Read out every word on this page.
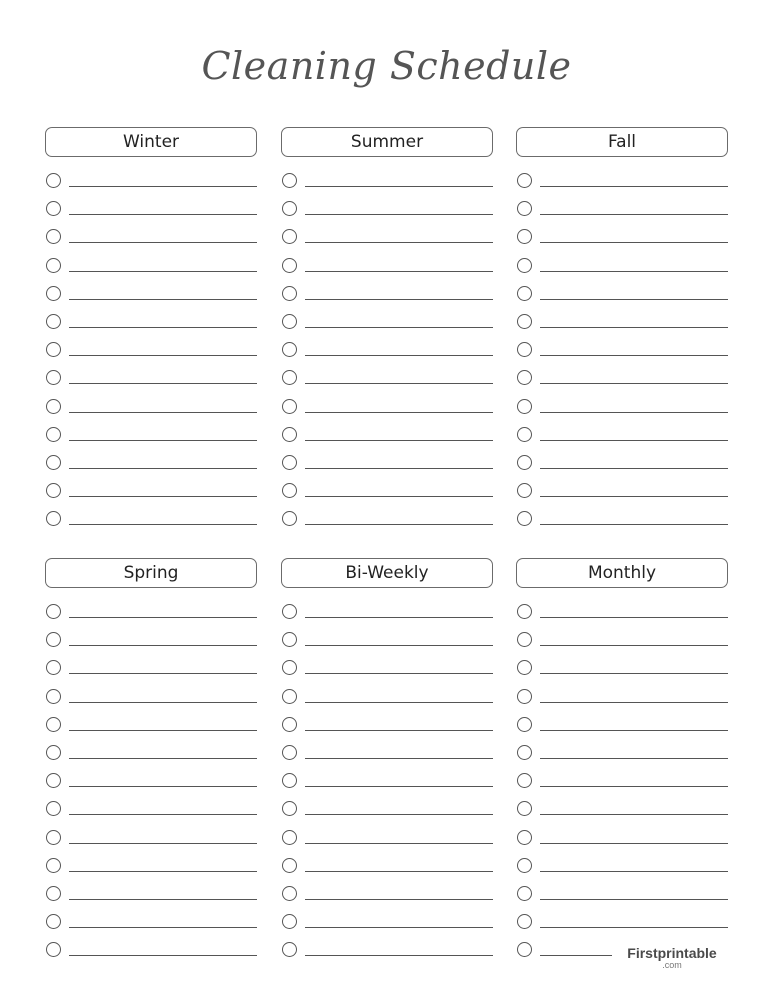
Cleaning Schedule
Winter	Summer	Fall
Spring	Bi-Weekly	Monthly
Firstprintable
.com
